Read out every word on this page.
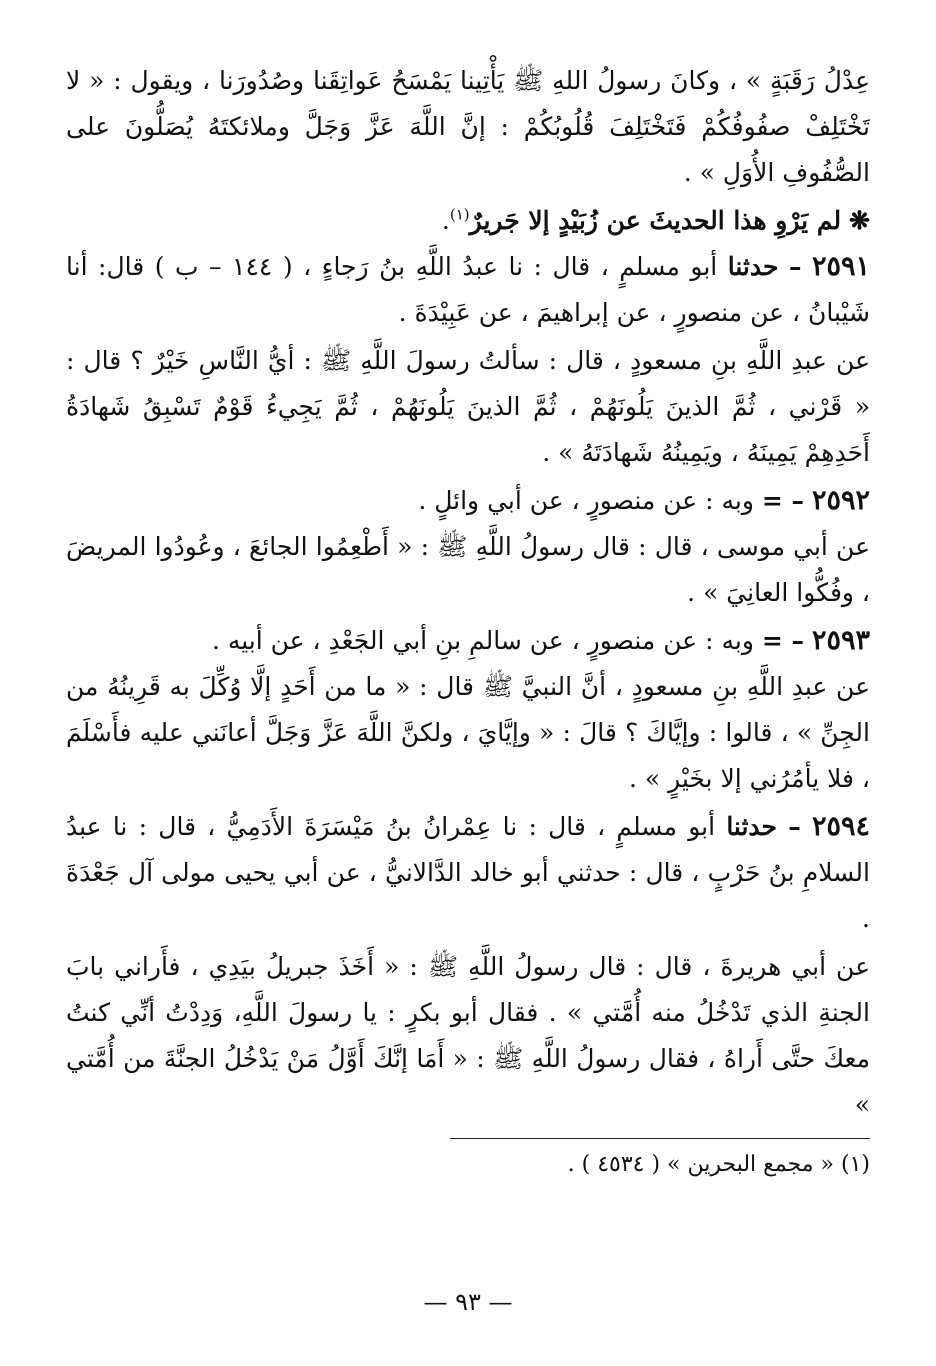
عِدْلُ رَقَبَةٍ » ، وكانَ رسولُ اللهِ ﷺ يَأْتِينا يَمْسَحُ عَواتِقَنا وصُدُورَنا ، ويقول : « لا تَخْتَلِفْ صفُوفُكُمْ فَتَخْتَلِفَ قُلُوبُكُمْ : إنَّ اللَّهَ عَزَّ وَجَلَّ وملائكتَهُ يُصَلُّونَ على الصُّفُوفِ الأُوَلِ » .

❋ لم يَرْوِ هذا الحديثَ عن زُبَيْدٍ إلا جَريرٌ$^{(١)}$.

٢٥٩١ – حدثنا أبو مسلمٍ ، قال : نا عبدُ اللَّهِ بنُ رَجاءٍ ، ( ١٤٤ – ب ) قال: أنا شَيْبانُ ، عن منصورٍ ، عن إبراهيمَ ، عن عَبِيْدَةَ .

عن عبدِ اللَّهِ بنِ مسعودٍ ، قال : سألتُ رسولَ اللَّهِ ﷺ : أيُّ النَّاسِ خَيْرٌ ؟ قال : « قَرْني ، ثُمَّ الذينَ يَلُونَهُمْ ، ثُمَّ الذينَ يَلُونَهُمْ ، ثُمَّ يَجِيءُ قَوْمٌ تَسْبِقُ شَهادَةُ أَحَدِهِمْ يَمِينَهُ ، ويَمِينُهُ شَهادَتَهُ » .

٢٥٩٢ – = وبه : عن منصورٍ ، عن أبي وائلٍ .

عن أبي موسى ، قال : قال رسولُ اللَّهِ ﷺ : « أَطْعِمُوا الجائعَ ، وعُودُوا المريضَ ، وفُكُّوا العانِيَ » .

٢٥٩٣ – = وبه : عن منصورٍ ، عن سالمِ بنِ أبي الجَعْدِ ، عن أبيه .

عن عبدِ اللَّهِ بنِ مسعودٍ ، أنَّ النبيَّ ﷺ قال : « ما من أَحَدٍ إلَّا وُكِّلَ به قَرِينُهُ من الجِنِّ » ، قالوا : وإيَّاكَ ؟ قالَ : « وإيَّايَ ، ولكنَّ اللَّهَ عَزَّ وَجَلَّ أعانَني عليه فأَسْلَمَ ، فلا يأمُرُني إلا بخَيْرٍ » .

٢٥٩٤ – حدثنا أبو مسلمٍ ، قال : نا عِمْرانُ بنُ مَيْسَرَةَ الأَدَمِيُّ ، قال : نا عبدُ السلامِ بنُ حَرْبٍ ، قال : حدثني أبو خالد الدَّالانيُّ ، عن أبي يحيى مولى آل جَعْدَةَ .

عن أبي هريرةَ ، قال : قال رسولُ اللَّهِ ﷺ : « أَخَذَ جبريلُ بيَدِي ، فأَراني بابَ الجنةِ الذي تَدْخُلُ منه أُمَّتي » . فقال أبو بكرٍ : يا رسولَ اللَّهِ، وَدِدْتُ أنِّي كنتُ معكَ حتَّى أَراهُ ، فقال رسولُ اللَّهِ ﷺ : « أَمَا إنَّكَ أَوَّلُ مَنْ يَدْخُلُ الجنَّةَ من أُمَّتي »

(١) « مجمع البحرين » ( ٤٥٣٤ ) .

— ٩٣ —
